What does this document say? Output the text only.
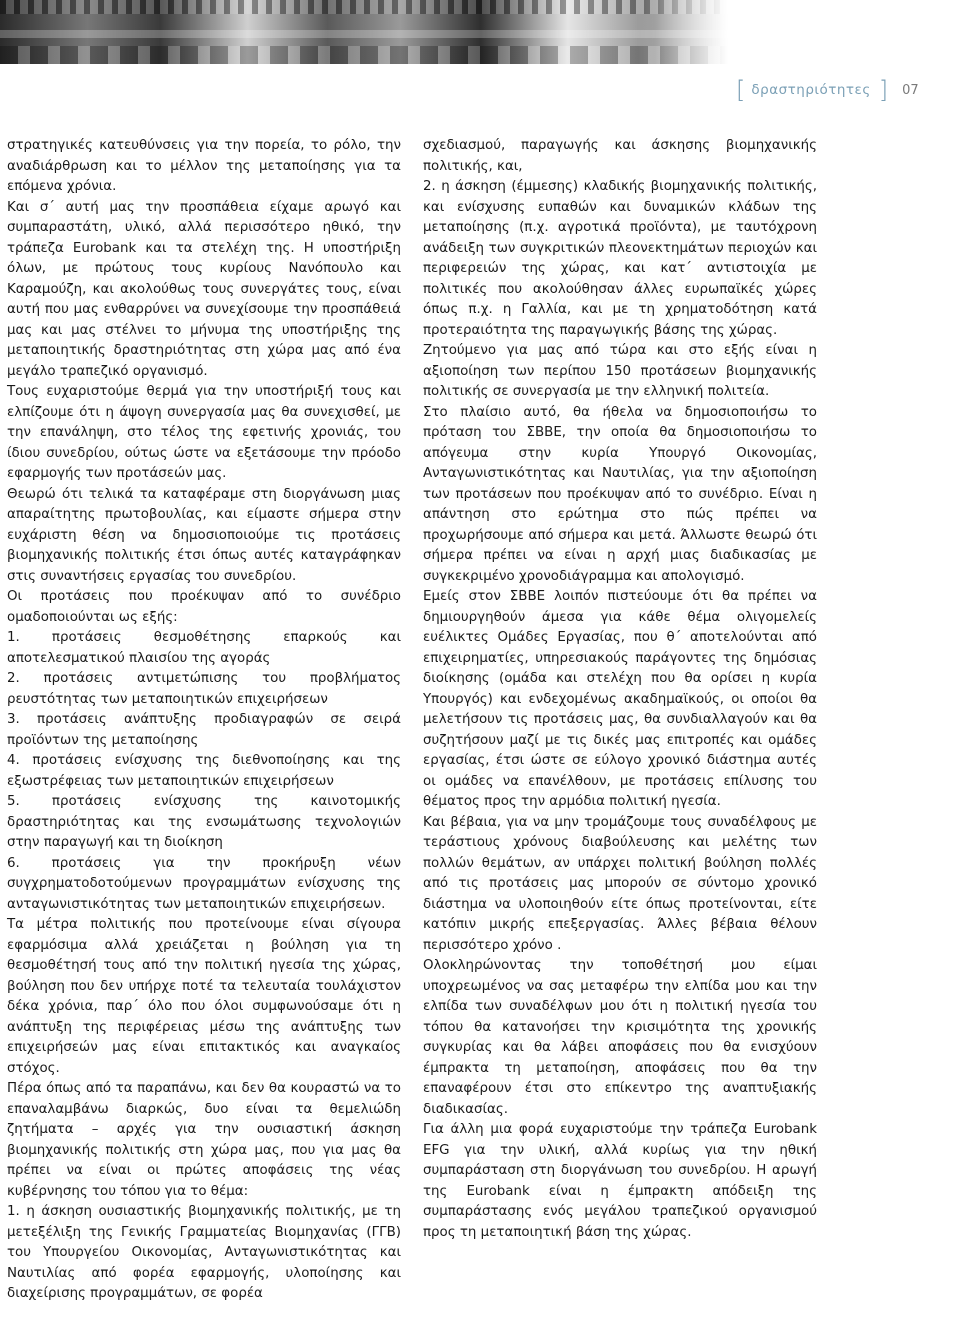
[ δραστηριότητες ] 07

στρατηγικές κατευθύνσεις για την πορεία, το ρόλο, την αναδιάρθρωση και το μέλλον της μεταποίησης για τα επόμενα χρόνια.

Και σ΄ αυτή μας την προσπάθεια είχαμε αρωγό και συμπαραστάτη, υλικό, αλλά περισσότερο ηθικό, την τράπεζα Eurobank και τα στελέχη της. Η υποστήριξη όλων, με πρώτους τους κυρίους Νανόπουλο και Καραμούζη, και ακολούθως τους συνεργάτες τους, είναι αυτή που μας ενθαρρύνει να συνεχίσουμε την προσπάθειά μας και μας στέλνει το μήνυμα της υποστήριξης της μεταποιητικής δραστηριότητας στη χώρα μας από ένα μεγάλο τραπεζικό οργανισμό.

Τους ευχαριστούμε θερμά για την υποστήριξή τους και ελπίζουμε ότι η άψογη συνεργασία μας θα συνεχισθεί, με την επανάληψη, στο τέλος της εφετινής χρονιάς, του ίδιου συνεδρίου, ούτως ώστε να εξετάσουμε την πρόοδο εφαρμογής των προτάσεών μας.

Θεωρώ ότι τελικά τα καταφέραμε στη διοργάνωση μιας απαραίτητης πρωτοβουλίας, και είμαστε σήμερα στην ευχάριστη θέση να δημοσιοποιούμε τις προτάσεις βιομηχανικής πολιτικής έτσι όπως αυτές καταγράφηκαν στις συναντήσεις εργασίας του συνεδρίου.

Οι προτάσεις που προέκυψαν από το συνέδριο ομαδοποιούνται ως εξής:

1. προτάσεις θεσμοθέτησης επαρκούς και αποτελεσματικού πλαισίου της αγοράς

2. προτάσεις αντιμετώπισης του προβλήματος ρευστότητας των μεταποιητικών επιχειρήσεων

3. προτάσεις ανάπτυξης προδιαγραφών σε σειρά προϊόντων της μεταποίησης

4. προτάσεις ενίσχυσης της διεθνοποίησης και της εξωστρέφειας των μεταποιητικών επιχειρήσεων

5. προτάσεις ενίσχυσης της καινοτομικής δραστηριότητας και της ενσωμάτωσης τεχνολογιών στην παραγωγή και τη διοίκηση

6. προτάσεις για την προκήρυξη νέων συγχρηματοδοτούμενων προγραμμάτων ενίσχυσης της ανταγωνιστικότητας των μεταποιητικών επιχειρήσεων.

Τα μέτρα πολιτικής που προτείνουμε είναι σίγουρα εφαρμόσιμα αλλά χρειάζεται η βούληση για τη θεσμοθέτησή τους από την πολιτική ηγεσία της χώρας, βούληση που δεν υπήρχε ποτέ τα τελευταία τουλάχιστον δέκα χρόνια, παρ΄ όλο που όλοι συμφωνούσαμε ότι η ανάπτυξη της περιφέρειας μέσω της ανάπτυξης των επιχειρήσεών μας είναι επιτακτικός και αναγκαίος στόχος.

Πέρα όπως από τα παραπάνω, και δεν θα κουραστώ να το επαναλαμβάνω διαρκώς, δυο είναι τα θεμελιώδη ζητήματα – αρχές για την ουσιαστική άσκηση βιομηχανικής πολιτικής στη χώρα μας, που για μας θα πρέπει να είναι οι πρώτες αποφάσεις της νέας κυβέρνησης του τόπου για το θέμα:

1. η άσκηση ουσιαστικής βιομηχανικής πολιτικής, με τη μετεξέλιξη της Γενικής Γραμματείας Βιομηχανίας (ΓΓΒ) του Υπουργείου Οικονομίας, Ανταγωνιστικότητας και Ναυτιλίας από φορέα εφαρμογής, υλοποίησης και διαχείρισης προγραμμάτων, σε φορέα

σχεδιασμού, παραγωγής και άσκησης βιομηχανικής πολιτικής, και,

2. η άσκηση (έμμεσης) κλαδικής βιομηχανικής πολιτικής, και ενίσχυσης ευπαθών και δυναμικών κλάδων της μεταποίησης (π.χ. αγροτικά προϊόντα), με ταυτόχρονη ανάδειξη των συγκριτικών πλεονεκτημάτων περιοχών και περιφερειών της χώρας, και κατ΄ αντιστοιχία με πολιτικές που ακολούθησαν άλλες ευρωπαϊκές χώρες όπως π.χ. η Γαλλία, και με τη χρηματοδότηση κατά προτεραιότητα της παραγωγικής βάσης της χώρας.

Ζητούμενο για μας από τώρα και στο εξής είναι η αξιοποίηση των περίπου 150 προτάσεων βιομηχανικής πολιτικής σε συνεργασία με την ελληνική πολιτεία.

Στο πλαίσιο αυτό, θα ήθελα να δημοσιοποιήσω το πρόταση του ΣΒΒΕ, την οποία θα δημοσιοποιήσω το απόγευμα στην κυρία Υπουργό Οικονομίας, Ανταγωνιστικότητας και Ναυτιλίας, για την αξιοποίηση των προτάσεων που προέκυψαν από το συνέδριο. Είναι η απάντηση στο ερώτημα στο πώς πρέπει να προχωρήσουμε από σήμερα και μετά. Άλλωστε θεωρώ ότι σήμερα πρέπει να είναι η αρχή μιας διαδικασίας με συγκεκριμένο χρονοδιάγραμμα και απολογισμό.

Εμείς στον ΣΒΒΕ λοιπόν πιστεύουμε ότι θα πρέπει να δημιουργηθούν άμεσα για κάθε θέμα ολιγομελείς ευέλικτες Ομάδες Εργασίας, που θ΄ αποτελούνται από επιχειρηματίες, υπηρεσιακούς παράγοντες της δημόσιας διοίκησης (ομάδα και στελέχη που θα ορίσει η κυρία Υπουργός) και ενδεχομένως ακαδημαϊκούς, οι οποίοι θα μελετήσουν τις προτάσεις μας, θα συνδιαλλαγούν και θα συζητήσουν μαζί με τις δικές μας επιτροπές και ομάδες εργασίας, έτσι ώστε σε εύλογο χρονικό διάστημα αυτές οι ομάδες να επανέλθουν, με προτάσεις επίλυσης του θέματος προς την αρμόδια πολιτική ηγεσία.

Και βέβαια, για να μην τρομάζουμε τους συναδέλφους με τεράστιους χρόνους διαβούλευσης και μελέτης των πολλών θεμάτων, αν υπάρχει πολιτική βούληση πολλές από τις προτάσεις μας μπορούν σε σύντομο χρονικό διάστημα να υλοποιηθούν είτε όπως προτείνονται, είτε κατόπιν μικρής επεξεργασίας. Άλλες βέβαια θέλουν περισσότερο χρόνο .

Ολοκληρώνοντας την τοποθέτησή μου είμαι υποχρεωμένος να σας μεταφέρω την ελπίδα μου και την ελπίδα των συναδέλφων μου ότι η πολιτική ηγεσία του τόπου θα κατανοήσει την κρισιμότητα της χρονικής συγκυρίας και θα λάβει αποφάσεις που θα ενισχύουν έμπρακτα τη μεταποίηση, αποφάσεις που θα την επαναφέρουν έτσι στο επίκεντρο της αναπτυξιακής διαδικασίας.

Για άλλη μια φορά ευχαριστούμε την τράπεζα Eurobank EFG για την υλική, αλλά κυρίως για την ηθική συμπαράσταση στη διοργάνωση του συνεδρίου. Η αρωγή της Eurobank είναι η έμπρακτη απόδειξη της συμπαράστασης ενός μεγάλου τραπεζικού οργανισμού προς τη μεταποιητική βάση της χώρας.
